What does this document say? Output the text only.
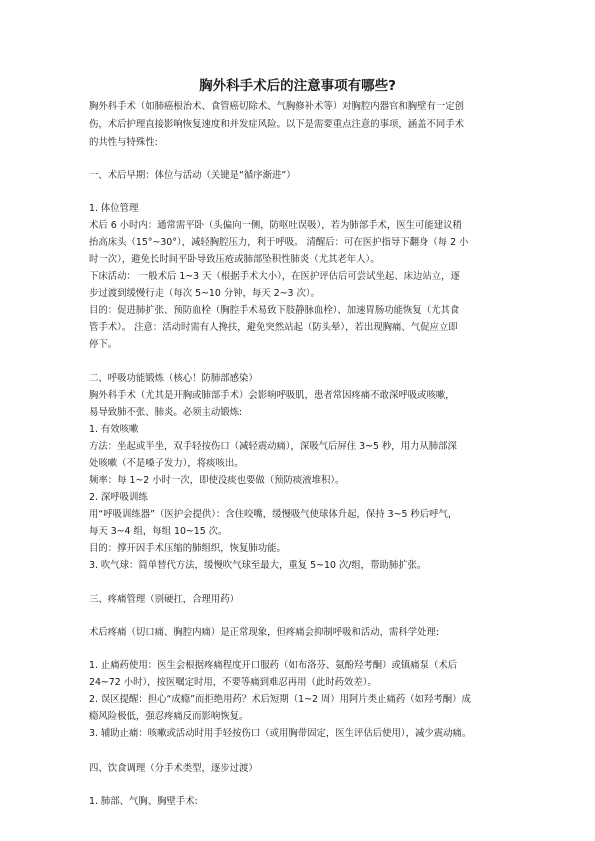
胸外科手术后的注意事项有哪些?

胸外科手术（如肺癌根治术、食管癌切除术、气胸修补术等）对胸腔内器官和胸壁有一定创

伤，术后护理直接影响恢复速度和并发症风险。以下是需要重点注意的事项，涵盖不同手术

的共性与特殊性:

一、术后早期：体位与活动（关键是“循序渐进”）

1. 体位管理

术后 6 小时内：通常需平卧（头偏向一侧，防呕吐误吸），若为肺部手术，医生可能建议稍

抬高床头（15°~30°），减轻胸腔压力，利于呼吸。 清醒后：可在医护指导下翻身（每 2 小

时一次），避免长时间平卧导致压疮或肺部坠积性肺炎（尤其老年人）。

下床活动： 一般术后 1~3 天（根据手术大小），在医护评估后可尝试坐起、床边站立，逐

步过渡到缓慢行走（每次 5~10 分钟，每天 2~3 次）。

目的：促进肺扩张、预防血栓（胸腔手术易致下肢静脉血栓）、加速胃肠功能恢复（尤其食

管手术）。 注意：活动时需有人搀扶，避免突然站起（防头晕），若出现胸痛、气促应立即

停下。

二、呼吸功能锻炼（核心！防肺部感染）

胸外科手术（尤其是开胸或肺部手术）会影响呼吸肌，患者常因疼痛不敢深呼吸或咳嗽，

易导致肺不张、肺炎。必须主动锻炼:

1. 有效咳嗽

方法：坐起或半坐，双手轻按伤口（减轻震动痛），深吸气后屏住 3~5 秒，用力从肺部深

处咳嗽（不是嗓子发力），将痰咳出。

频率：每 1~2 小时一次，即使没痰也要做（预防痰液堆积）。

2. 深呼吸训练

用“呼吸训练器”（医护会提供）：含住咬嘴，缓慢吸气使球体升起，保持 3~5 秒后呼气，

每天 3~4 组，每组 10~15 次。

目的：撑开因手术压缩的肺组织，恢复肺功能。

3. 吹气球：简单替代方法，缓慢吹气球至最大，重复 5~10 次/组，帮助肺扩张。

三、疼痛管理（别硬扛，合理用药）

术后疼痛（切口痛、胸腔内痛）是正常现象，但疼痛会抑制呼吸和活动，需科学处理:

1. 止痛药使用：医生会根据疼痛程度开口服药（如布洛芬、氨酚羟考酮）或镇痛泵（术后

24~72 小时），按医嘱定时用，不要等痛到难忍再用（此时药效差）。

2. 误区提醒：担心“成瘾”而拒绝用药？术后短期（1~2 周）用阿片类止痛药（如羟考酮）成

瘾风险极低，强忍疼痛反而影响恢复。

3. 辅助止痛：咳嗽或活动时用手轻按伤口（或用胸带固定，医生评估后使用），减少震动痛。

四、饮食调理（分手术类型，逐步过渡）

1. 肺部、气胸、胸壁手术:
